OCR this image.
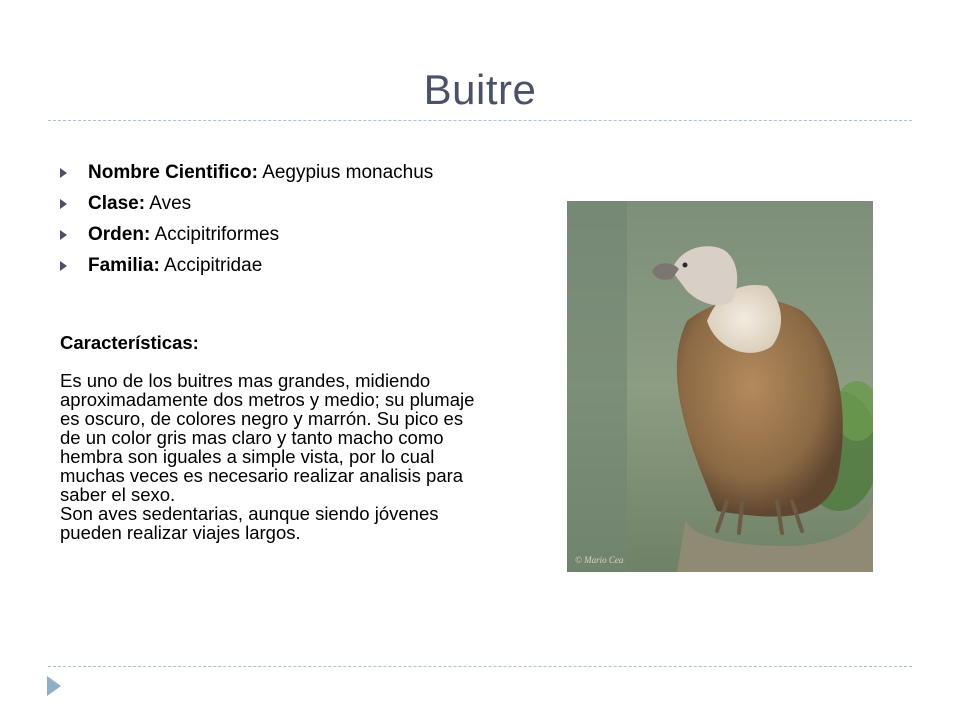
Buitre
Nombre Cientifico: Aegypius monachus
Clase: Aves
Orden: Accipitriformes
Familia: Accipitridae
Características:

Es uno de los buitres mas grandes, midiendo aproximadamente dos metros y medio; su plumaje es oscuro, de colores negro y marrón. Su pico es de un color gris mas claro y tanto macho como hembra son iguales a simple vista, por lo cual muchas veces es necesario realizar analisis para saber el sexo.

Son aves sedentarias, aunque siendo jóvenes pueden realizar viajes largos.

© Mario Cea
